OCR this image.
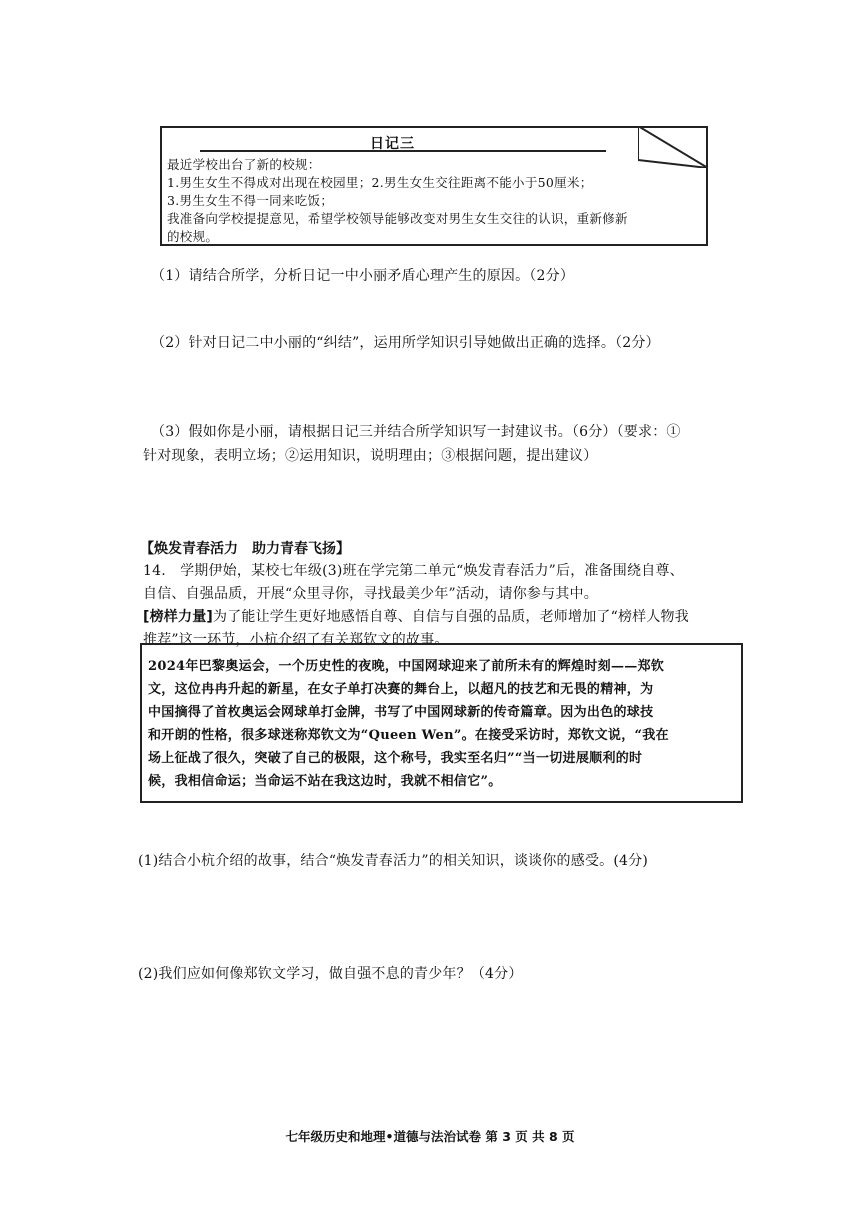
日记三
最近学校出台了新的校规：
1.男生女生不得成对出现在校园里；2.男生女生交往距离不能小于50厘米；
3.男生女生不得一同来吃饭；
我准备向学校提提意见，希望学校领导能够改变对男生女生交往的认识，重新修新
的校规。
（1）请结合所学，分析日记一中小丽矛盾心理产生的原因。（2分）
（2）针对日记二中小丽的“纠结”，运用所学知识引导她做出正确的选择。（2分）
（3）假如你是小丽，请根据日记三并结合所学知识写一封建议书。（6分）（要求：①
针对现象，表明立场；②运用知识，说明理由；③根据问题，提出建议）
【焕发青春活力　助力青春飞扬】
14.　学期伊始，某校七年级(3)班在学完第二单元“焕发青春活力”后，准备围绕自尊、
自信、自强品质，开展“众里寻你，寻找最美少年”活动，请你参与其中。
[榜样力量]为了能让学生更好地感悟自尊、自信与自强的品质，老师增加了“榜样人物我
推荐”这一环节，小杭介绍了有关郑钦文的故事。
2024年巴黎奥运会，一个历史性的夜晚，中国网球迎来了前所未有的辉煌时刻——郑钦
文，这位冉冉升起的新星，在女子单打决赛的舞台上，以超凡的技艺和无畏的精神，为
中国摘得了首枚奥运会网球单打金牌，书写了中国网球新的传奇篇章。因为出色的球技
和开朗的性格，很多球迷称郑钦文为“Queen Wen”。在接受采访时，郑钦文说，“我在
场上征战了很久，突破了自己的极限，这个称号，我实至名归”“当一切进展顺利的时
候，我相信命运；当命运不站在我这边时，我就不相信它”。
(1)结合小杭介绍的故事，结合“焕发青春活力”的相关知识，谈谈你的感受。(4分)
(2)我们应如何像郑钦文学习，做自强不息的青少年？（4分）
七年级历史和地理•道德与法治试卷 第 3 页 共 8 页
